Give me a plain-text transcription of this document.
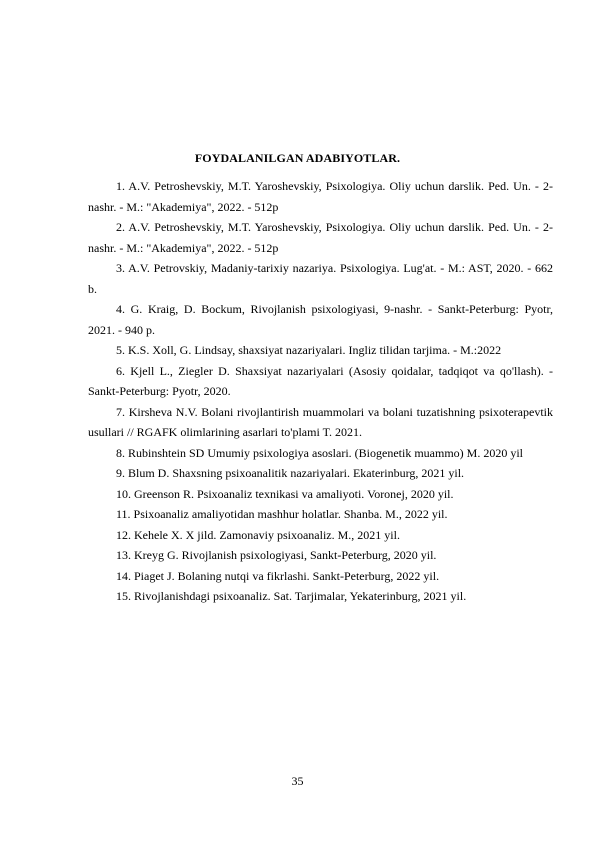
FOYDALANILGAN ADABIYOTLAR.
1. A.V. Petroshevskiy, M.T. Yaroshevskiy, Psixologiya. Oliy uchun darslik. Ped. Un. - 2-nashr. - M.: "Akademiya", 2022. - 512p
2. A.V. Petroshevskiy, M.T. Yaroshevskiy, Psixologiya. Oliy uchun darslik. Ped. Un. - 2-nashr. - M.: "Akademiya", 2022. - 512p
3. A.V. Petrovskiy, Madaniy-tarixiy nazariya. Psixologiya. Lug'at. - M.: AST, 2020. - 662 b.
4. G. Kraig, D. Bockum, Rivojlanish psixologiyasi, 9-nashr. - Sankt-Peterburg: Pyotr, 2021. - 940 p.
5. K.S. Xoll, G. Lindsay, shaxsiyat nazariyalari. Ingliz tilidan tarjima. - M.:2022
6. Kjell L., Ziegler D. Shaxsiyat nazariyalari (Asosiy qoidalar, tadqiqot va qo'llash). - Sankt-Peterburg: Pyotr, 2020.
7. Kirsheva N.V. Bolani rivojlantirish muammolari va bolani tuzatishning psixoterapevtik usullari // RGAFK olimlarining asarlari to'plami T. 2021.
8. Rubinshtein SD Umumiy psixologiya asoslari. (Biogenetik muammo) M. 2020 yil
9. Blum D. Shaxsning psixoanalitik nazariyalari. Ekaterinburg, 2021 yil.
10. Greenson R. Psixoanaliz texnikasi va amaliyoti. Voronej, 2020 yil.
11. Psixoanaliz amaliyotidan mashhur holatlar. Shanba. M., 2022 yil.
12. Kehele X. X jild. Zamonaviy psixoanaliz. M., 2021 yil.
13. Kreyg G. Rivojlanish psixologiyasi, Sankt-Peterburg, 2020 yil.
14. Piaget J. Bolaning nutqi va fikrlashi. Sankt-Peterburg, 2022 yil.
15. Rivojlanishdagi psixoanaliz. Sat. Tarjimalar, Yekaterinburg, 2021 yil.
35
